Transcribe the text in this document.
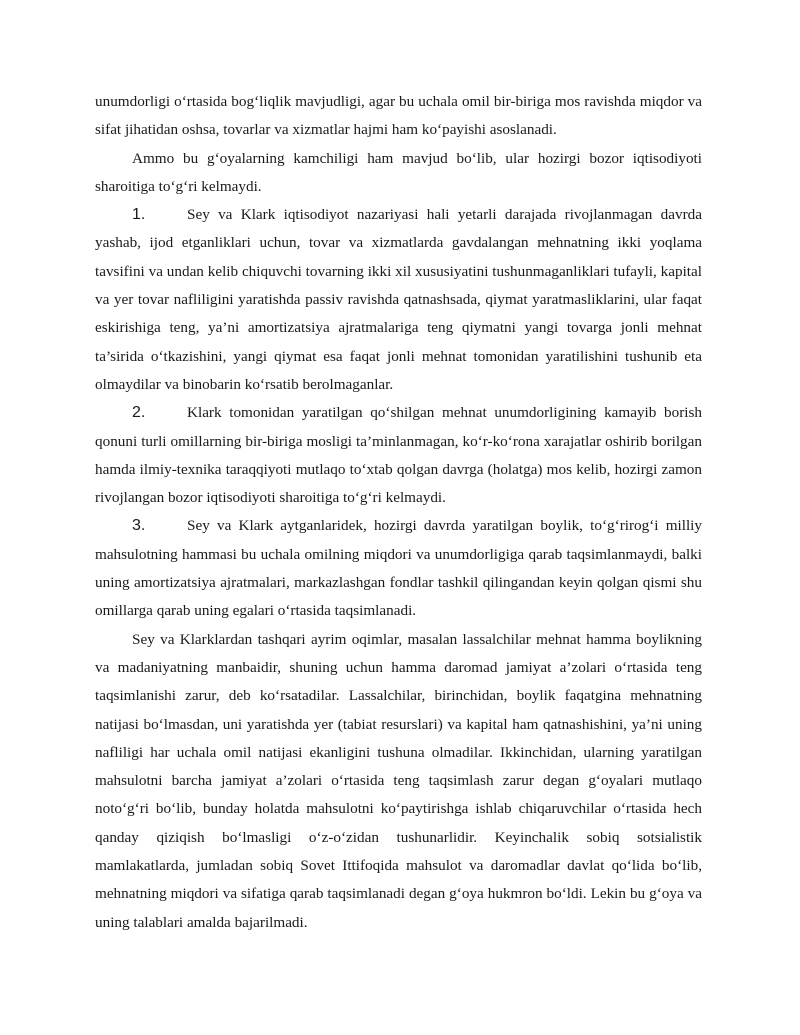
unumdorligi oʻrtasida bogʻliqlik mavjudligi, agar bu uchala omil bir-biriga mos ravishda miqdor va sifat jihatidan oshsa, tovarlar va xizmatlar hajmi ham koʻpayishi asoslanadi.

Ammo bu gʻoyalarning kamchiligi ham mavjud boʻlib, ular hozirgi bozor iqtisodiyoti sharoitiga toʻgʻri kelmaydi.

1.	Sey va Klark iqtisodiyot nazariyasi hali yetarli darajada rivojlanmagan davrda yashab, ijod etganliklari uchun, tovar va xizmatlarda gavdalangan mehnatning ikki yoqlama tavsifini va undan kelib chiquvchi tovarning ikki xil xususiyatini tushunmaganliklari tufayli, kapital va yer tovar nafliligini yaratishda passiv ravishda qatnashsada, qiymat yaratmasliklarini, ular faqat eskirishiga teng, ya’ni amortizatsiya ajratmalariga teng qiymatni yangi tovarga jonli mehnat ta’sirida oʻtkazishini, yangi qiymat esa faqat jonli mehnat tomonidan yaratilishini tushunib eta olmaydilar va binobarin koʻrsatib berolmaganlar.

2.	Klark tomonidan yaratilgan qoʻshilgan mehnat unumdorligining kamayib borish qonuni turli omillarning bir-biriga mosligi ta’minlanmagan, koʻr-koʻrona xarajatlar oshirib borilgan hamda ilmiy-texnika taraqqiyoti mutlaqo toʻxtab qolgan davrga (holatga) mos kelib, hozirgi zamon rivojlangan bozor iqtisodiyoti sharoitiga toʻgʻri kelmaydi.

3.	Sey va Klark aytganlaridek, hozirgi davrda yaratilgan boylik, toʻgʻrirogʻi milliy mahsulotning hammasi bu uchala omilning miqdori va unumdorligiga qarab taqsimlanmaydi, balki uning amortizatsiya ajratmalari, markazlashgan fondlar tashkil qilingandan keyin qolgan qismi shu omillarga qarab uning egalari oʻrtasida taqsimlanadi.

Sey va Klarklardan tashqari ayrim oqimlar, masalan lassalchilar mehnat hamma boylikning va madaniyatning manbaidir, shuning uchun hamma daromad jamiyat a’zolari oʻrtasida teng taqsimlanishi zarur, deb koʻrsatadilar. Lassalchilar, birinchidan, boylik faqatgina mehnatning natijasi boʻlmasdan, uni yaratishda yer (tabiat resurslari) va kapital ham qatnashishini, ya’ni uning nafliligi har uchala omil natijasi ekanligini tushuna olmadilar. Ikkinchidan, ularning yaratilgan mahsulotni barcha jamiyat a’zolari oʻrtasida teng taqsimlash zarur degan gʻoyalari mutlaqo notoʻgʻri boʻlib, bunday holatda mahsulotni koʻpaytirishga ishlab chiqaruvchilar oʻrtasida hech qanday qiziqish boʻlmasligi oʻz-oʻzidan tushunarlidir. Keyinchalik sobiq sotsialistik mamlakatlarda, jumladan sobiq Sovet Ittifoqida mahsulot va daromadlar davlat qoʻlida boʻlib, mehnatning miqdori va sifatiga qarab taqsimlanadi degan gʻoya hukmron boʻldi. Lekin bu gʻoya va uning talablari amalda bajarilmadi.
